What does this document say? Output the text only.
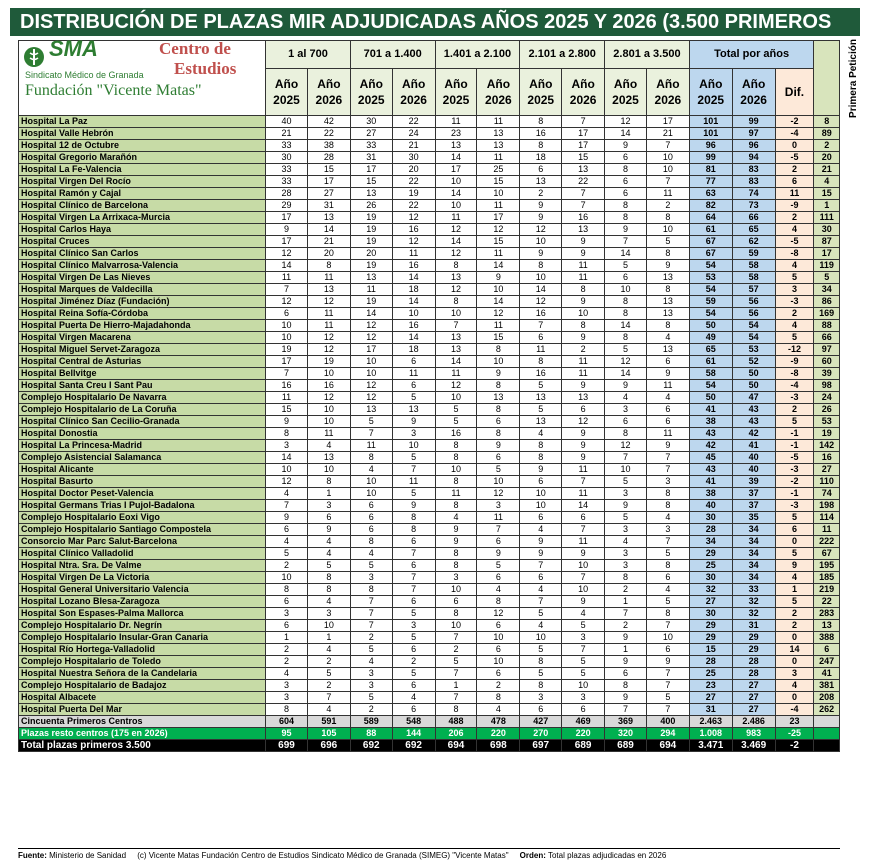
DISTRIBUCIÓN DE PLAZAS MIR ADJUDICADAS AÑOS 2025 Y 2026 (3.500 PRIMEROS
SMA Centro de
Estudios
Sindicato Médico de Granada
Fundación "Vicente Matas"	1 al 700		701 a 1.400		1.401 a 2.100		2.101 a 2.800		2.801 a 3.500		Total por años			Primera Petición
	Año 2025	Año 2026	Año 2025	Año 2026	Año 2025	Año 2026	Año 2025	Año 2026	Año 2025	Año 2026	Año 2025	Año 2026	Dif.	
Hospital La Paz	40	42	30	22	11	11	8	7	12	17	101	99	-2	8
Hospital Valle Hebrón	21	22	27	24	23	13	16	17	14	21	101	97	-4	89
Hospital 12 de Octubre	33	38	33	21	13	13	8	17	9	7	96	96	0	2
Hospital Gregorio Marañón	30	28	31	30	14	11	18	15	6	10	99	94	-5	20
Hospital La Fe-Valencia	33	15	17	20	17	25	6	13	8	10	81	83	2	21
Hospital Virgen Del Rocío	33	17	15	22	10	15	13	22	6	7	77	83	6	4
Hospital Ramón y Cajal	28	27	13	19	14	10	2	7	6	11	63	74	11	15
Hospital Clínico de Barcelona	29	31	26	22	10	11	9	7	8	2	82	73	-9	1
Hospital Virgen La Arrixaca-Murcia	17	13	19	12	11	17	9	16	8	8	64	66	2	111
Hospital Carlos Haya	9	14	19	16	12	12	12	13	9	10	61	65	4	30
Hospital Cruces	17	21	19	12	14	15	10	9	7	5	67	62	-5	87
Hospital Clínico San Carlos	12	20	20	11	12	11	9	9	14	8	67	59	-8	17
Hospital Clínico Malvarrosa-Valencia	14	8	19	16	8	14	8	11	5	9	54	58	4	119
Hospital Virgen De Las Nieves	11	11	13	14	13	9	10	11	6	13	53	58	5	5
Hospital Marques de Valdecilla	7	13	11	18	12	10	14	8	10	8	54	57	3	34
Hospital Jiménez Díaz (Fundación)	12	12	19	14	8	14	12	9	8	13	59	56	-3	86
Hospital Reina Sofía-Córdoba	6	11	14	10	10	12	16	10	8	13	54	56	2	169
Hospital Puerta De Hierro-Majadahonda	10	11	12	16	7	11	7	8	14	8	50	54	4	88
Hospital Virgen Macarena	10	12	12	14	13	15	6	9	8	4	49	54	5	66
Hospital Miguel Servet-Zaragoza	19	12	17	18	13	8	11	2	5	13	65	53	-12	97
Hospital Central de Asturias	17	19	10	6	14	10	8	11	12	6	61	52	-9	60
Hospital Bellvitge	7	10	10	11	11	9	16	11	14	9	58	50	-8	39
Hospital Santa Creu I Sant Pau	16	16	12	6	12	8	5	9	9	11	54	50	-4	98
Complejo Hospitalario De Navarra	11	12	12	5	10	13	13	13	4	4	50	47	-3	24
Complejo Hospitalario de La Coruña	15	10	13	13	5	8	5	6	3	6	41	43	2	26
Hospital Clínico San Cecilio-Granada	9	10	5	9	5	6	13	12	6	6	38	43	5	53
Hospital Donostia	8	11	7	3	16	8	4	9	8	11	43	42	-1	19
Hospital La Princesa-Madrid	3	4	11	10	8	9	8	9	12	9	42	41	-1	142
Complejo Asistencial Salamanca	14	13	8	5	8	6	8	9	7	7	45	40	-5	16
Hospital Alicante	10	10	4	7	10	5	9	11	10	7	43	40	-3	27
Hospital Basurto	12	8	10	11	8	10	6	7	5	3	41	39	-2	110
Hospital Doctor Peset-Valencia	4	1	10	5	11	12	10	11	3	8	38	37	-1	74
Hospital Germans Trias I Pujol-Badalona	7	3	6	9	8	3	10	14	9	8	40	37	-3	198
Complejo Hospitalario Eoxi Vigo	9	6	6	8	4	11	6	6	5	4	30	35	5	114
Complejo Hospitalario Santiago Compostela	6	9	6	8	9	7	4	7	3	3	28	34	6	11
Consorcio Mar Parc Salut-Barcelona	4	4	8	6	9	6	9	11	4	7	34	34	0	222
Hospital Clínico Valladolid	5	4	4	7	8	9	9	9	3	5	29	34	5	67
Hospital Ntra. Sra. De Valme	2	5	5	6	8	5	7	10	3	8	25	34	9	195
Hospital Virgen De La Victoria	10	8	3	7	3	6	6	7	8	6	30	34	4	185
Hospital General Universitario Valencia	8	8	8	7	10	4	4	10	2	4	32	33	1	219
Hospital Lozano Blesa-Zaragoza	6	4	7	6	6	8	7	9	1	5	27	32	5	22
Hospital Son Espases-Palma Mallorca	3	3	7	5	8	12	5	4	7	8	30	32	2	283
Complejo Hospitalario Dr. Negrín	6	10	7	3	10	6	4	5	2	7	29	31	2	13
Complejo Hospitalario Insular-Gran Canaria	1	1	2	5	7	10	10	3	9	10	29	29	0	388
Hospital Río Hortega-Valladolid	2	4	5	6	2	6	5	7	1	6	15	29	14	6
Complejo Hospitalario de Toledo	2	2	4	2	5	10	8	5	9	9	28	28	0	247
Hospital Nuestra Señora de la Candelaria	4	5	3	5	7	6	5	5	6	7	25	28	3	41
Complejo Hospitalario de Badajoz	3	2	3	6	1	2	8	10	8	7	23	27	4	381
Hospital Albacete	3	7	5	4	7	8	3	3	9	5	27	27	0	208
Hospital Puerta Del Mar	8	4	2	6	8	4	6	6	7	7	31	27	-4	262
Cincuenta Primeros Centros	604	591	589	548	488	478	427	469	369	400	2.463	2.486	23	
Plazas resto centros (175 en 2026)	95	105	88	144	206	220	270	220	320	294	1.008	983	-25	
Total plazas primeros 3.500	699	696	692	692	694	698	697	689	689	694	3.471	3.469	-2	
Fuente: Ministerio de Sanidad (c) Vicente Matas Fundación Centro de Estudios Sindicato Médico de Granada (SIMEG) "Vicente Matas" Orden: Total plazas adjudicadas en 2026
